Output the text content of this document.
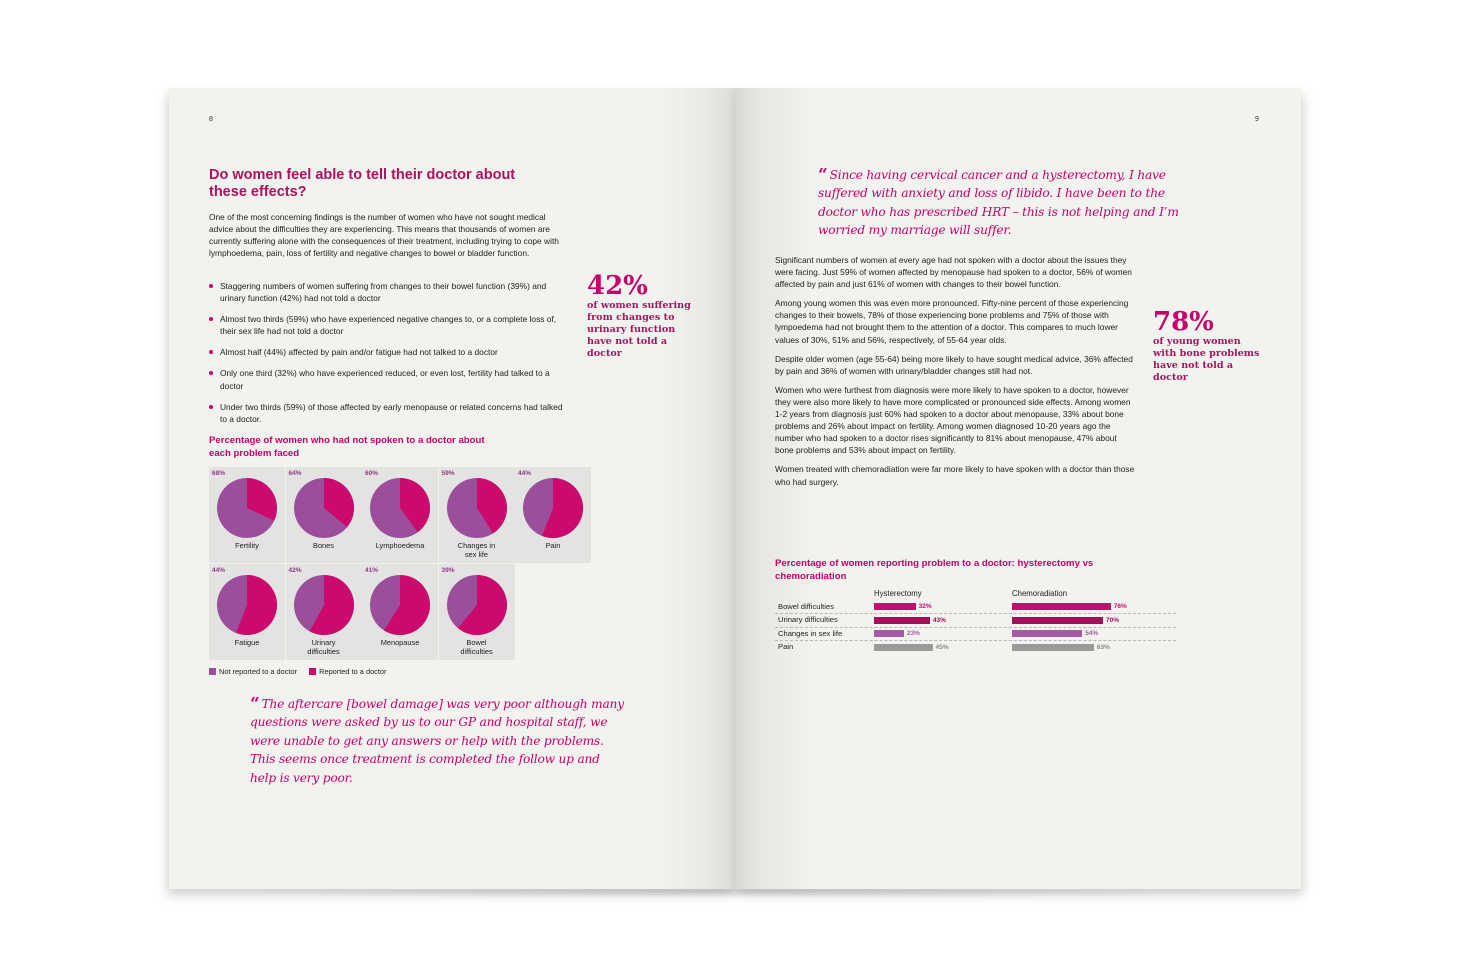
8
Do women feel able to tell their doctor about these effects?

One of the most concerning findings is the number of women who have not sought medical advice about the difficulties they are experiencing. This means that thousands of women are currently suffering alone with the consequences of their treatment, including trying to cope with lymphoedema, pain, loss of fertility and negative changes to bowel or bladder function.

Staggering numbers of women suffering from changes to their bowel function (39%) and urinary function (42%) had not told a doctor
Almost two thirds (59%) who have experienced negative changes to, or a complete loss of, their sex life had not told a doctor
Almost half (44%) affected by pain and/or fatigue had not talked to a doctor
Only one third (32%) who have experienced reduced, or even lost, fertility had talked to a doctor
Under two thirds (59%) of those affected by early menopause or related concerns had talked to a doctor.
42%
of women suffering from changes to urinary function have not told a doctor
Percentage of women who had not spoken to a doctor about each problem faced
68%
Fertility
64%
Bones
60%
Lymphoedema
59%
Changes in sex life
44%
Pain
44%
Fatigue
42%
Urinary difficulties
41%
Menopause
39%
Bowel difficulties
Not reported to a doctor	Reported to a doctor
“ The aftercare [bowel damage] was very poor although many questions were asked by us to our GP and hospital staff, we were unable to get any answers or help with the problems. This seems once treatment is completed the follow up and help is very poor.
9
“ Since having cervical cancer and a hysterectomy, I have suffered with anxiety and loss of libido. I have been to the doctor who has prescribed HRT – this is not helping and I’m worried my marriage will suffer.

Significant numbers of women at every age had not spoken with a doctor about the issues they were facing. Just 59% of women affected by menopause had spoken to a doctor, 56% of women affected by pain and just 61% of women with changes to their bowel function.

Among young women this was even more pronounced. Fifty-nine percent of those experiencing changes to their bowels, 78% of those experiencing bone problems and 75% of those with lympoedema had not brought them to the attention of a doctor. This compares to much lower values of 30%, 51% and 56%, respectively, of 55-64 year olds.

Despite older women (age 55-64) being more likely to have sought medical advice, 36% affected by pain and 36% of women with urinary/bladder changes still had not.

Women who were furthest from diagnosis were more likely to have spoken to a doctor, however they were also more likely to have more complicated or pronounced side effects. Among women 1-2 years from diagnosis just 60% had spoken to a doctor about menopause, 33% about bone problems and 26% about impact on fertility. Among women diagnosed 10-20 years ago the number who had spoken to a doctor rises significantly to 81% about menopause, 47% about bone problems and 53% about impact on fertility.

Women treated with chemoradiation were far more likely to have spoken with a doctor than those who had surgery.

78%
of young women with bone problems have not told a doctor
Percentage of women reporting problem to a doctor: hysterectomy vs chemoradiation
Hysterectomy	Chemoradiation
Bowel difficulties	32%	76%
Urinary difficulties	43%	70%
Changes in sex life	23%	54%
Pain	45%	63%
